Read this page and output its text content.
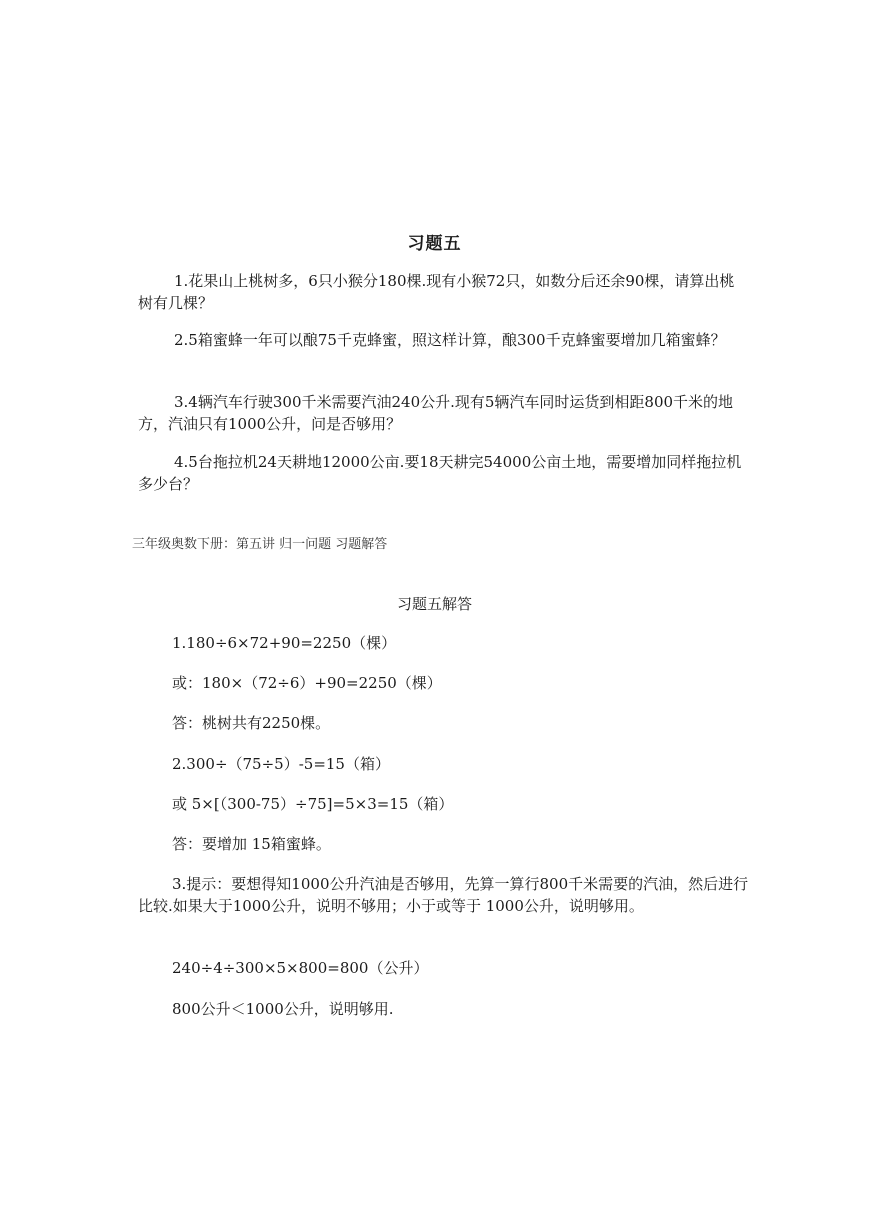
习题五
1.花果山上桃树多，6只小猴分180棵.现有小猴72只，如数分后还余90棵，请算出桃树有几棵？
2.5箱蜜蜂一年可以酿75千克蜂蜜，照这样计算，酿300千克蜂蜜要增加几箱蜜蜂？
3.4辆汽车行驶300千米需要汽油240公升.现有5辆汽车同时运货到相距800千米的地方，汽油只有1000公升，问是否够用？
4.5台拖拉机24天耕地12000公亩.要18天耕完54000公亩土地，需要增加同样拖拉机多少台？
三年级奥数下册：第五讲 归一问题 习题解答
习题五解答
1.180÷6×72+90=2250（棵）
或：180×（72÷6）+90=2250（棵）
答：桃树共有2250棵。
2.300÷（75÷5）-5=15（箱）
或 5×[（300-75）÷75]=5×3=15（箱）
答：要增加 15箱蜜蜂。
3.提示：要想得知1000公升汽油是否够用，先算一算行800千米需要的汽油，然后进行比较.如果大于1000公升，说明不够用；小于或等于 1000公升，说明够用。
240÷4÷300×5×800=800（公升）
800公升＜1000公升，说明够用.
